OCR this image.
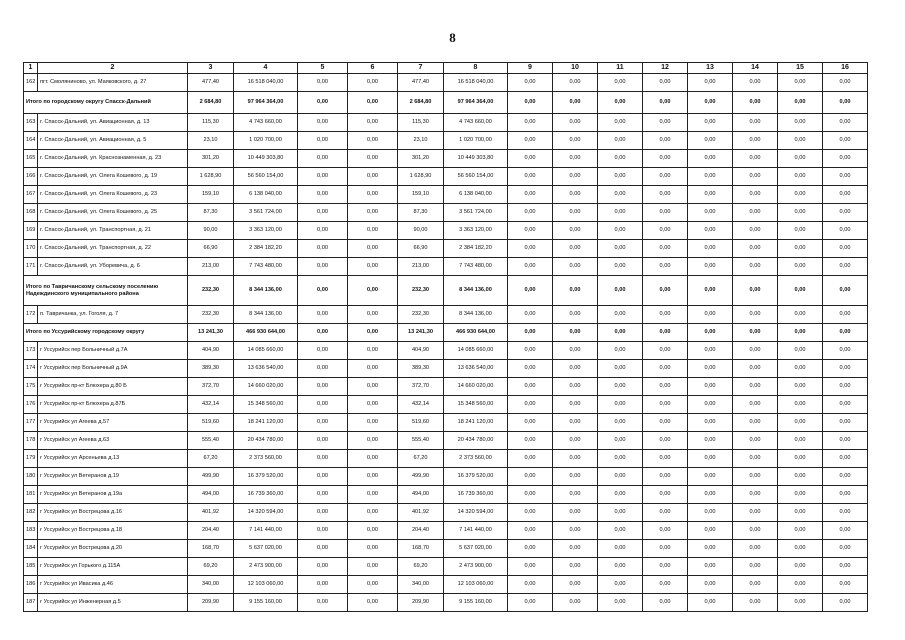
8
1	2	3	4	5	6	7	8	9	10	11	12	13	14	15	16
162	пгт. Смоляниново, ул. Маяковского, д. 27	477,40	16 518 040,00	0,00	0,00	477,40	16 518 040,00	0,00	0,00	0,00	0,00	0,00	0,00	0,00	0,00
Итого по городскому округу Спасск-Дальний		2 684,80	97 964 364,00	0,00	0,00	2 684,80	97 964 364,00	0,00	0,00	0,00	0,00	0,00	0,00	0,00	0,00
163	г. Спасск-Дальний, ул. Авиационная, д. 13	115,30	4 743 660,00	0,00	0,00	115,30	4 743 660,00	0,00	0,00	0,00	0,00	0,00	0,00	0,00	0,00
164	г. Спасск-Дальний, ул. Авиационная, д. 5	23,10	1 020 700,00	0,00	0,00	23,10	1 020 700,00	0,00	0,00	0,00	0,00	0,00	0,00	0,00	0,00
165	г. Спасск-Дальний, ул. Краснознаменная, д. 23	301,20	10 449 303,80	0,00	0,00	301,20	10 449 303,80	0,00	0,00	0,00	0,00	0,00	0,00	0,00	0,00
166	г. Спасск-Дальний, ул. Олега Кошевого, д. 19	1 628,90	56 560 154,00	0,00	0,00	1 628,90	56 560 154,00	0,00	0,00	0,00	0,00	0,00	0,00	0,00	0,00
167	г. Спасск-Дальний, ул. Олега Кошевого, д. 23	159,10	6 138 040,00	0,00	0,00	159,10	6 138 040,00	0,00	0,00	0,00	0,00	0,00	0,00	0,00	0,00
168	г. Спасск-Дальний, ул. Олега Кошевого, д. 25	87,30	3 561 724,00	0,00	0,00	87,30	3 561 724,00	0,00	0,00	0,00	0,00	0,00	0,00	0,00	0,00
169	г. Спасск-Дальний, ул. Транспортная, д. 21	90,00	3 363 120,00	0,00	0,00	90,00	3 363 120,00	0,00	0,00	0,00	0,00	0,00	0,00	0,00	0,00
170	г. Спасск-Дальний, ул. Транспортная, д. 22	66,90	2 384 182,20	0,00	0,00	66,90	2 384 182,20	0,00	0,00	0,00	0,00	0,00	0,00	0,00	0,00
171	г. Спасск-Дальний, ул. Уборевича, д. 6	213,00	7 743 480,00	0,00	0,00	213,00	7 743 480,00	0,00	0,00	0,00	0,00	0,00	0,00	0,00	0,00
Итого по Тавричанскому сельскому поселению Надеждинского муниципального района		232,30	8 344 136,00	0,00	0,00	232,30	8 344 136,00	0,00	0,00	0,00	0,00	0,00	0,00	0,00	0,00
172	п. Тавричанка, ул. Гоголя, д. 7	232,30	8 344 136,00	0,00	0,00	232,30	8 344 136,00	0,00	0,00	0,00	0,00	0,00	0,00	0,00	0,00
Итого по Уссурийскому городскому округу		13 241,30	466 930 644,00	0,00	0,00	13 241,30	466 930 644,00	0,00	0,00	0,00	0,00	0,00	0,00	0,00	0,00
173	г Уссурийск пер Больничный д.7А	404,90	14 085 660,00	0,00	0,00	404,90	14 085 660,00	0,00	0,00	0,00	0,00	0,00	0,00	0,00	0,00
174	г Уссурийск пер Больничный д.9А	389,30	13 636 540,00	0,00	0,00	389,30	13 636 540,00	0,00	0,00	0,00	0,00	0,00	0,00	0,00	0,00
175	г Уссурийск пр-кт Блюхера д.80 Б	372,70	14 660 020,00	0,00	0,00	372,70	14 660 020,00	0,00	0,00	0,00	0,00	0,00	0,00	0,00	0,00
176	г Уссурийск пр-кт Блюхера д.87Б	432,14	15 348 560,00	0,00	0,00	432,14	15 348 560,00	0,00	0,00	0,00	0,00	0,00	0,00	0,00	0,00
177	г Уссурийск ул Агеева д.57	519,60	18 241 120,00	0,00	0,00	519,60	18 241 120,00	0,00	0,00	0,00	0,00	0,00	0,00	0,00	0,00
178	г Уссурийск ул Агеева д.63	555,40	20 434 780,00	0,00	0,00	555,40	20 434 780,00	0,00	0,00	0,00	0,00	0,00	0,00	0,00	0,00
179	г Уссурийск ул Арсеньева д.13	67,20	2 373 560,00	0,00	0,00	67,20	2 373 560,00	0,00	0,00	0,00	0,00	0,00	0,00	0,00	0,00
180	г Уссурийск ул Ветеранов д.19	499,90	16 379 520,00	0,00	0,00	499,90	16 379 520,00	0,00	0,00	0,00	0,00	0,00	0,00	0,00	0,00
181	г Уссурийск ул Ветеранов д.19а	494,00	16 739 360,00	0,00	0,00	494,00	16 739 360,00	0,00	0,00	0,00	0,00	0,00	0,00	0,00	0,00
182	г Уссурийск ул Вострецова д.16	401,92	14 320 594,00	0,00	0,00	401,92	14 320 594,00	0,00	0,00	0,00	0,00	0,00	0,00	0,00	0,00
183	г Уссурийск ул Вострецова д.18	204,40	7 141 440,00	0,00	0,00	204,40	7 141 440,00	0,00	0,00	0,00	0,00	0,00	0,00	0,00	0,00
184	г Уссурийск ул Вострецова д.20	168,70	5 637 020,00	0,00	0,00	168,70	5 637 020,00	0,00	0,00	0,00	0,00	0,00	0,00	0,00	0,00
185	г Уссурийск ул Горького д.115А	69,20	2 473 900,00	0,00	0,00	69,20	2 473 900,00	0,00	0,00	0,00	0,00	0,00	0,00	0,00	0,00
186	г Уссурийск ул Ивасика д.46	340,00	12 103 060,00	0,00	0,00	340,00	12 103 060,00	0,00	0,00	0,00	0,00	0,00	0,00	0,00	0,00
187	г Уссурийск ул Инженерная д.5	209,90	9 155 160,00	0,00	0,00	209,90	9 155 160,00	0,00	0,00	0,00	0,00	0,00	0,00	0,00	0,00
